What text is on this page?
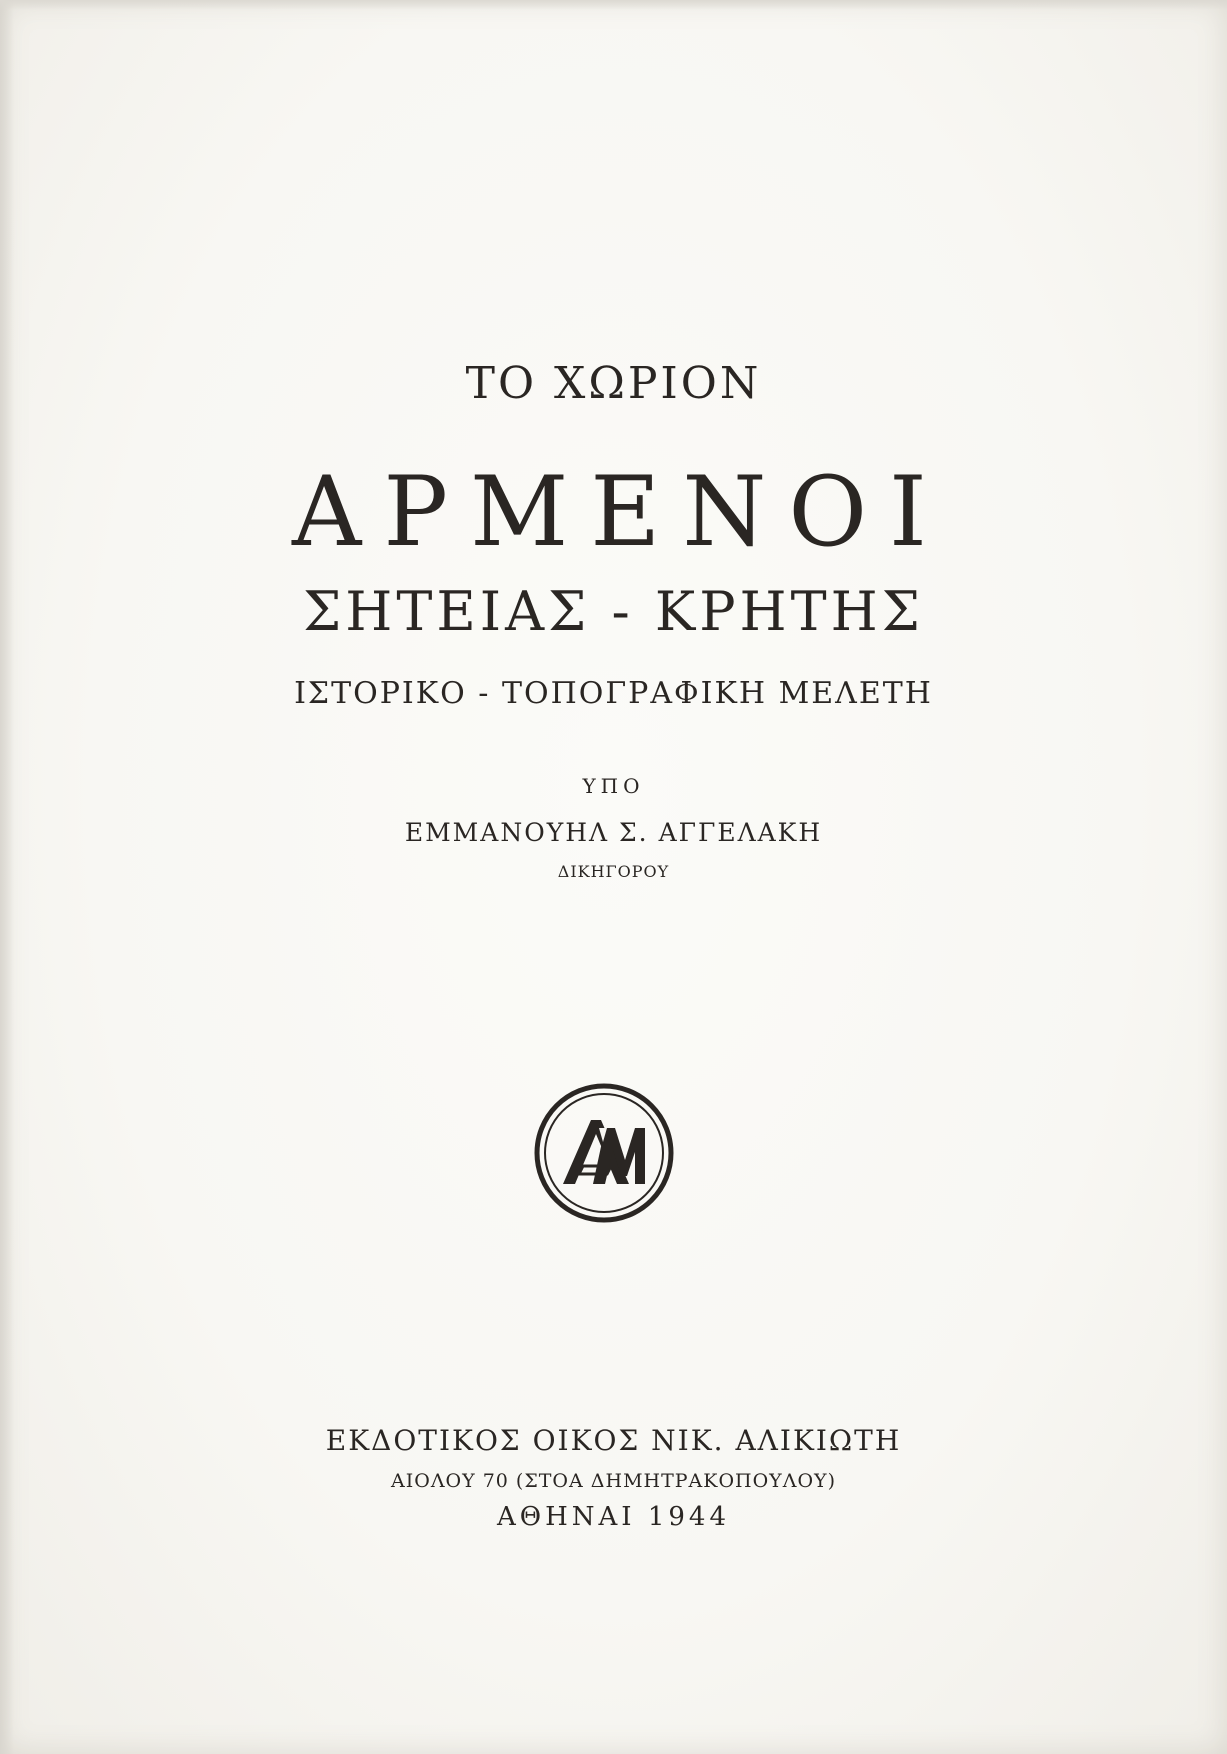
ΤΟ ΧΩΡΙΟΝ
ΑΡΜΕΝΟΙ
ΣΗΤΕΙΑΣ - ΚΡΗΤΗΣ
ΙΣΤΟΡΙΚΟ - ΤΟΠΟΓΡΑΦΙΚΗ ΜΕΛΕΤΗ
ΥΠΟ
ΕΜΜΑΝΟΥΗΛ Σ. ΑΓΓΕΛΑΚΗ
ΔΙΚΗΓΟΡΟΥ
ΕΚΔΟΤΙΚΟΣ ΟΙΚΟΣ ΝΙΚ. ΑΛΙΚΙΩΤΗ
ΑΙΟΛΟΥ 70 (ΣΤΟΑ ΔΗΜΗΤΡΑΚΟΠΟΥΛΟΥ)
ΑΘΗΝΑΙ 1944
